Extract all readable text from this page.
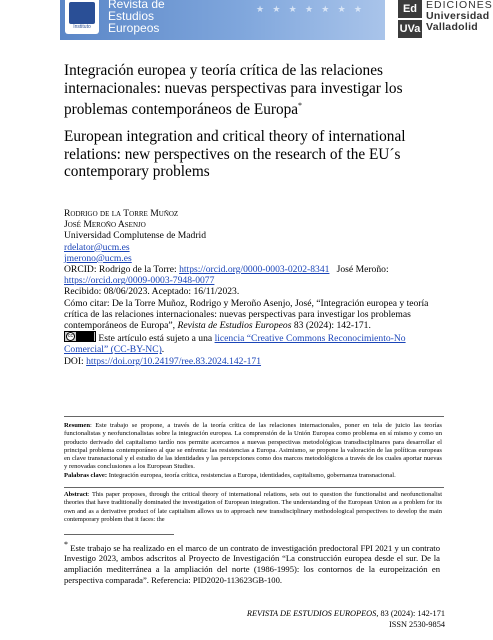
★ ★ ★ ★ ★ ★ ★
Instituto
Revista de
Estudios
Europeos
Ed
UVa
EDICIONES
Universidad
Valladolid
Integración europea y teoría crítica de las relaciones internacionales: nuevas perspectivas para investigar los problemas contemporáneos de Europa*
European integration and critical theory of international relations: new perspectives on the research of the EU´s contemporary problems
Rodrigo de la Torre Muñoz
José Meroño Asenjo
Universidad Complutense de Madrid
rdelator@ucm.es
jmerono@ucm.es
ORCID: Rodrigo de la Torre: https://orcid.org/0000-0003-0202-8341 José Meroño: https://orcid.org/0009-0003-7948-0077
Recibido: 08/06/2023. Aceptado: 16/11/2023.
Cómo citar: De la Torre Muñoz, Rodrigo y Meroño Asenjo, José, “Integración europea y teoría crítica de las relaciones internacionales: nuevas perspectivas para investigar los problemas contemporáneos de Europa”, Revista de Estudios Europeos 83 (2024): 142-171.
cc	Este artículo está sujeto a una licencia “Creative Commons Reconocimiento-No Comercial” (CC-BY-NC).
DOI: https://doi.org/10.24197/ree.83.2024.142-171
Resumen: Este trabajo se propone, a través de la teoría crítica de las relaciones internacionales, poner en tela de juicio las teorías funcionalistas y neofuncionalistas sobre la integración europea. La comprensión de la Unión Europea como problema en sí mismo y como un producto derivado del capitalismo tardío nos permite acercarnos a nuevas perspectivas metodológicas transdisciplinares para desarrollar el principal problema contemporáneo al que se enfrenta: las resistencias a Europa. Asimismo, se propone la valoración de las políticas europeas en clave transnacional y el estudio de las identidades y las percepciones como dos marcos metodológicos a través de los cuales aportar nuevas y renovadas conclusiones a los European Studies.
Palabras clave: Integración europea, teoría crítica, resistencias a Europa, identidades, capitalismo, gobernanza transnacional.
Abstract: This paper proposes, through the critical theory of international relations, sets out to question the functionalist and neofunctionalist theories that have traditionally dominated the investigation of European integration. The understanding of the European Union as a problem for its own and as a derivative product of late capitalism allows us to approach new transdisciplinary methodological perspectives to develop the main contemporary problem that it faces: the
* Este trabajo se ha realizado en el marco de un contrato de investigación predoctoral FPI 2021 y un contrato Investigo 2023, ambos adscritos al Proyecto de Investigación “La construcción europea desde el sur. De la ampliación mediterránea a la ampliación del norte (1986-1995): los contornos de la europeización en perspectiva comparada”. Referencia: PID2020-113623GB-100.
REVISTA DE ESTUDIOS EUROPEOS, 83 (2024): 142-171
ISSN 2530-9854
